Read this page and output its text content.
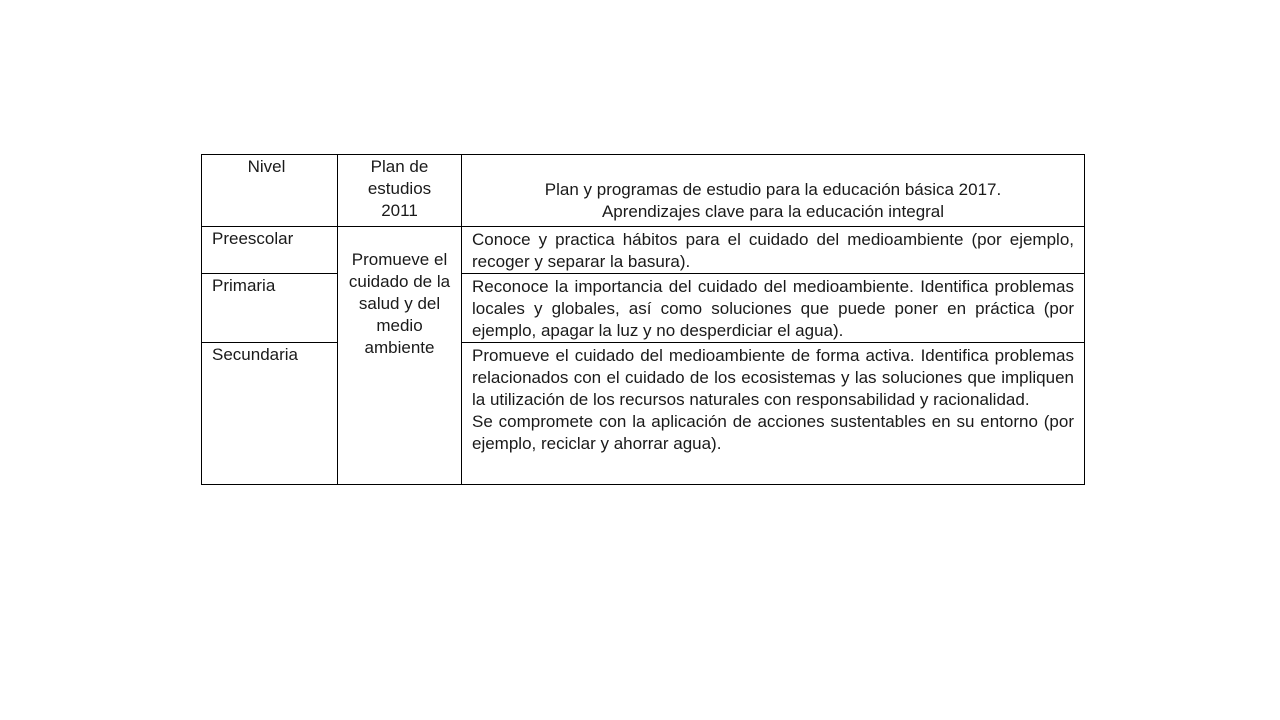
Nivel	Plan de estudios 2011	Plan y programas de estudio para la educación básica 2017.
Aprendizajes clave para la educación integral

Preescolar	Promueve el cuidado de la salud y del medio ambiente	Conoce y practica hábitos para el cuidado del medioambiente (por ejemplo, recoger y separar la basura).

Primaria		Reconoce la importancia del cuidado del medioambiente. Identifica problemas locales y globales, así como soluciones que puede poner en práctica (por ejemplo, apagar la luz y no desperdiciar el agua).

Secundaria		Promueve el cuidado del medioambiente de forma activa. Identifica problemas relacionados con el cuidado de los ecosistemas y las soluciones que impliquen la utilización de los recursos naturales con responsabilidad y racionalidad.
Se compromete con la aplicación de acciones sustentables en su entorno (por ejemplo, reciclar y ahorrar agua).
